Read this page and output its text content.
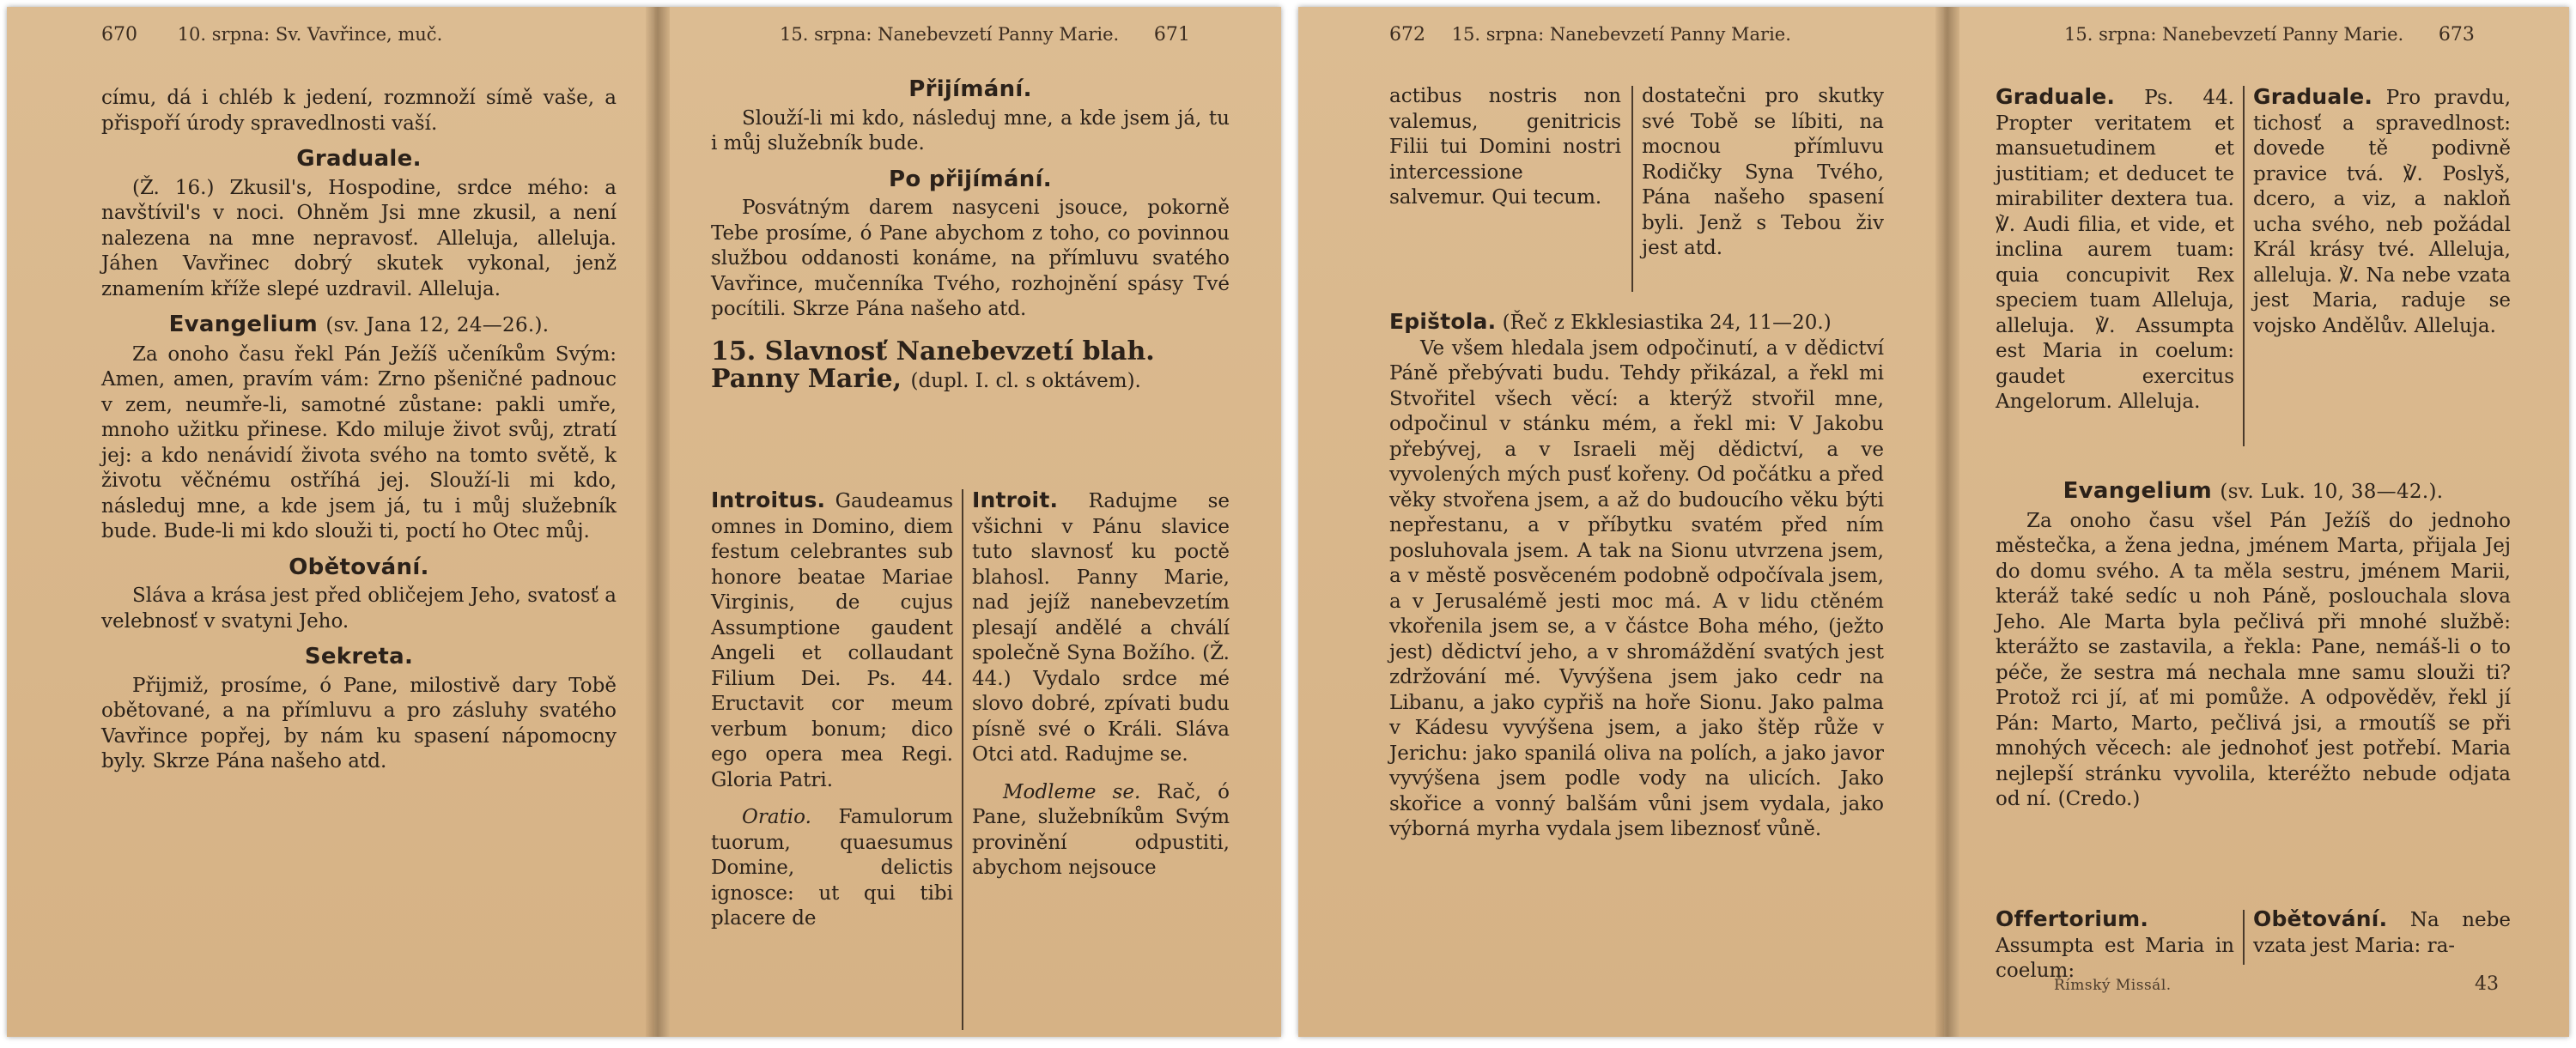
670 10. srpna: Sv. Vavřince, muč.

címu, dá i chléb k jedení, rozmnoží símě vaše, a přispoří úrody spravedlnosti vaší.

Graduale.

(Ž. 16.) Zkusil's, Hospodine, srdce mého: a navštívil's v noci. Ohněm Jsi mne zkusil, a není nalezena na mne nepravosť. Alleluja, alleluja. Jáhen Vavřinec dobrý skutek vykonal, jenž znamením kříže slepé uzdravil. Alleluja.

Evangelium (sv. Jana 12, 24—26.).

Za onoho času řekl Pán Ježíš učeníkům Svým: Amen, amen, pravím vám: Zrno pšeničné padnouc v zem, neumře-li, samotné zůstane: pakli umře, mnoho užitku přinese. Kdo miluje život svůj, ztratí jej: a kdo nenávidí života svého na tomto světě, k životu věčnému ostříhá jej. Slouží-li mi kdo, následuj mne, a kde jsem já, tu i můj služebník bude. Bude-li mi kdo slouži ti, poctí ho Otec můj.

Obětování.

Sláva a krása jest před obličejem Jeho, svatosť a velebnosť v svatyni Jeho.

Sekreta.

Přijmiž, prosíme, ó Pane, milostivě dary Tobě obětované, a na přímluvu a pro zásluhy svatého Vavřince popřej, by nám ku spasení nápomocny byly. Skrze Pána našeho atd.

15. srpna: Nanebevzetí Panny Marie. 671
Přijímání.

Slouží-li mi kdo, následuj mne, a kde jsem já, tu i můj služebník bude.

Po přijímání.

Posvátným darem nasyceni jsouce, pokorně Tebe prosíme, ó Pane abychom z toho, co povinnou službou oddanosti konáme, na přímluvu svatého Vavřince, mučenníka Tvého, rozhojnění spásy Tvé pocítili. Skrze Pána našeho atd.

15. Slavnosť Nanebevzetí blah. Panny Marie, (dupl. I. cl. s oktávem).

Introitus. Gaudeamus omnes in Domino, diem festum celebrantes sub honore beatae Mariae Virginis, de cujus Assumptione gaudent Angeli et collaudant Filium Dei. Ps. 44. Eructavit cor meum verbum bonum; dico ego opera mea Regi. Gloria Patri.

Oratio. Famulorum tuorum, quaesumus Domine, delictis ignosce: ut qui tibi placere de

Introit. Radujme se všichni v Pánu slavice tuto slavnosť ku poctě blahosl. Panny Marie, nad jejíž nanebevzetím plesají andělé a chválí společně Syna Božího. (Ž. 44.) Vydalo srdce mé slovo dobré, zpívati budu písně své o Králi. Sláva Otci atd. Radujme se.

Modleme se. Rač, ó Pane, služebníkům Svým provinění odpustiti, abychom nejsouce

672 15. srpna: Nanebevzetí Panny Marie.

actibus nostris non valemus, genitricis Filii tui Domini nostri intercessione salvemur. Qui tecum.

dostatečni pro skutky své Tobě se líbiti, na mocnou přímluvu Rodičky Syna Tvého, Pána našeho spasení byli. Jenž s Tebou živ jest atd.

Epištola. (Řeč z Ekklesiastika 24, 11—20.)

Ve všem hledala jsem odpočinutí, a v dědictví Páně přebývati budu. Tehdy přikázal, a řekl mi Stvořitel všech věcí: a kterýž stvořil mne, odpočinul v stánku mém, a řekl mi: V Jakobu přebývej, a v Israeli měj dědictví, a ve vyvolených mých pusť kořeny. Od počátku a před věky stvořena jsem, a až do budoucího věku býti nepřestanu, a v příbytku svatém před ním posluhovala jsem. A tak na Sionu utvrzena jsem, a v městě posvěceném podobně odpočívala jsem, a v Jerusalémě jesti moc má. A v lidu ctěném vkořenila jsem se, a v částce Boha mého, (ježto jest) dědictví jeho, a v shromáždění svatých jest zdržování mé. Vyvýšena jsem jako cedr na Libanu, a jako cypřiš na hoře Sionu. Jako palma v Kádesu vyvýšena jsem, a jako štěp růže v Jerichu: jako spanilá oliva na polích, a jako javor vyvýšena jsem podle vody na ulicích. Jako skořice a vonný balšám vůni jsem vydala, jako výborná myrha vydala jsem libeznosť vůně.

15. srpna: Nanebevzetí Panny Marie. 673

Graduale. Ps. 44. Propter veritatem et mansuetudinem et justitiam; et deducet te mirabiliter dextera tua. ℣. Audi filia, et vide, et inclina aurem tuam: quia concupivit Rex speciem tuam Alleluja, alleluja. ℣. Assumpta est Maria in coelum: gaudet exercitus Angelorum. Alleluja.

Graduale. Pro pravdu, tichosť a spravedlnost: dovede tě podivně pravice tvá. ℣. Poslyš, dcero, a viz, a nakloň ucha svého, neb požádal Král krásy tvé. Alleluja, alleluja. ℣. Na nebe vzata jest Maria, raduje se vojsko Andělův. Alleluja.

Evangelium (sv. Luk. 10, 38—42.).

Za onoho času všel Pán Ježíš do jednoho městečka, a žena jedna, jménem Marta, přijala Jej do domu svého. A ta měla sestru, jménem Marii, kteráž také sedíc u noh Páně, poslouchala slova Jeho. Ale Marta byla pečlivá při mnohé službě: kterážto se zastavila, a řekla: Pane, nemáš-li o to péče, že sestra má nechala mne samu slouži ti? Protož rci jí, ať mi pomůže. A odpověděv, řekl jí Pán: Marto, Marto, pečlivá jsi, a rmoutíš se při mnohých věcech: ale jednohoť jest potřebí. Maria nejlepší stránku vyvolila, kteréžto nebude odjata od ní. (Credo.)

Offertorium. Assumpta est Maria in coelum:

Obětování. Na nebe vzata jest Maria: ra-

Římský Missál.	43
